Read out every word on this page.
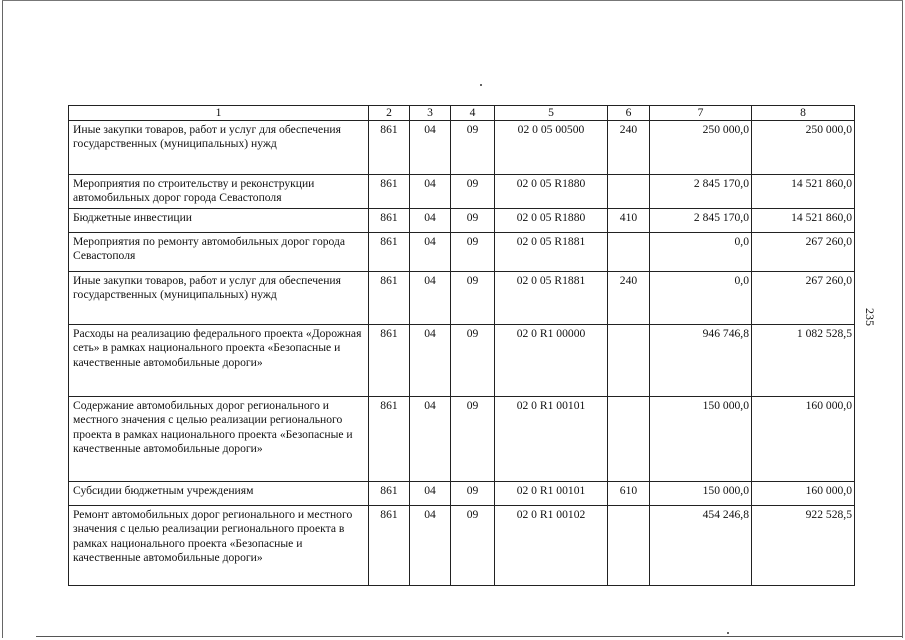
1	2	3	4	5	6	7	8
Иные закупки товаров, работ и услуг для обеспечения государственных (муниципальных) нужд	861	04	09	02 0 05 00500	240	250 000,0	250 000,0
Мероприятия по строительству и реконструкции автомобильных дорог города Севастополя	861	04	09	02 0 05 R1880		2 845 170,0	14 521 860,0
Бюджетные инвестиции	861	04	09	02 0 05 R1880	410	2 845 170,0	14 521 860,0
Мероприятия по ремонту автомобильных дорог города Севастополя	861	04	09	02 0 05 R1881		0,0	267 260,0
Иные закупки товаров, работ и услуг для обеспечения государственных (муниципальных) нужд	861	04	09	02 0 05 R1881	240	0,0	267 260,0
Расходы на реализацию федерального проекта «Дорожная сеть» в рамках национального проекта «Безопасные и качественные автомобильные дороги»	861	04	09	02 0 R1 00000		946 746,8	1 082 528,5
Содержание автомобильных дорог регионального и местного значения с целью реализации регионального проекта в рамках национального проекта «Безопасные и качественные автомобильные дороги»	861	04	09	02 0 R1 00101		150 000,0	160 000,0
Субсидии бюджетным учреждениям	861	04	09	02 0 R1 00101	610	150 000,0	160 000,0
Ремонт автомобильных дорог регионального и местного значения с целью реализации регионального проекта в рамках национального проекта «Безопасные и качественные автомобильные дороги»	861	04	09	02 0 R1 00102		454 246,8	922 528,5
235
